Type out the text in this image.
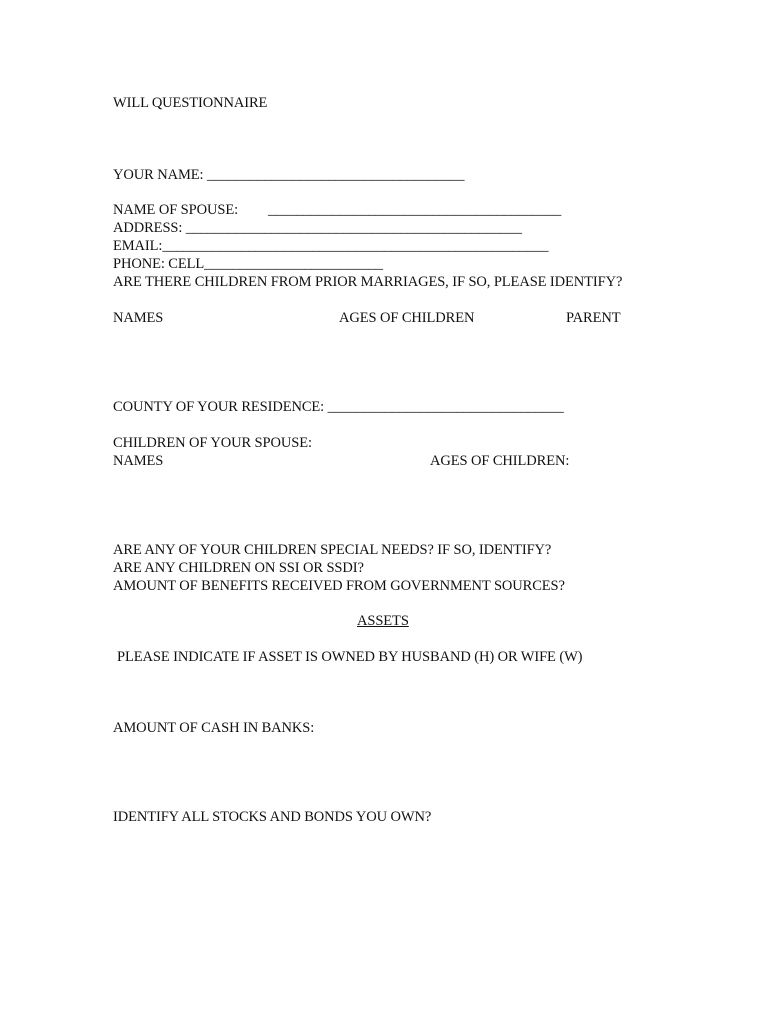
WILL QUESTIONNAIRE
YOUR NAME: ____________________________________
NAME OF SPOUSE: _________________________________________
ADDRESS: _______________________________________________
EMAIL:______________________________________________________
PHONE: CELL_________________________
ARE THERE CHILDREN FROM PRIOR MARRIAGES, IF SO, PLEASE IDENTIFY?
NAMES	AGES OF CHILDREN	PARENT
COUNTY OF YOUR RESIDENCE: _________________________________
CHILDREN OF YOUR SPOUSE:
NAMES	AGES OF CHILDREN:
ARE ANY OF YOUR CHILDREN SPECIAL NEEDS? IF SO, IDENTIFY?
ARE ANY CHILDREN ON SSI OR SSDI?
AMOUNT OF BENEFITS RECEIVED FROM GOVERNMENT SOURCES?
ASSETS
PLEASE INDICATE IF ASSET IS OWNED BY HUSBAND (H) OR WIFE (W)
AMOUNT OF CASH IN BANKS:
IDENTIFY ALL STOCKS AND BONDS YOU OWN?
